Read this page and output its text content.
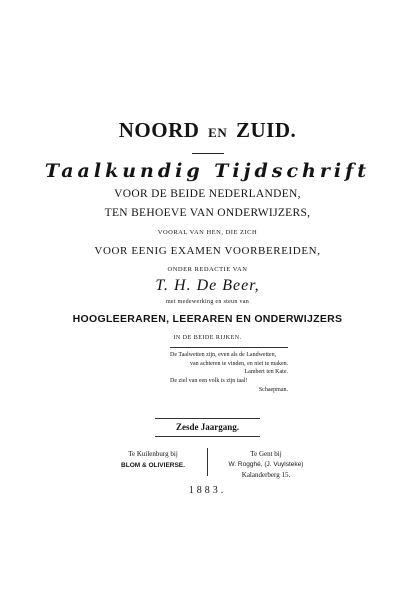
NOORD EN ZUID.
Taalkundig Tijdschrift
VOOR DE BEIDE NEDERLANDEN,
TEN BEHOEVE VAN ONDERWIJZERS,
VOORAL VAN HEN, DIE ZICH
VOOR EENIG EXAMEN VOORBEREIDEN,
ONDER REDACTIE VAN
T. H. De Beer,
met medewerking en steun van
HOOGLEERAREN, LEERAREN EN ONDERWIJZERS
IN DE BEIDE RIJKEN.
De Taalwetten zijn, even als de Landwetten,
van achteren te vinden, en niet te maken.
Lambert ten Kate.
De ziel van een volk is zijn taal!
Schaepman.
Zesde Jaargang.
Te Kuilenburg bij
BLOM & OLIVIERSE.
Te Gent bij
W. Rogghé, (J. Vuylsteke)
Kalanderberg 15.
1883.
